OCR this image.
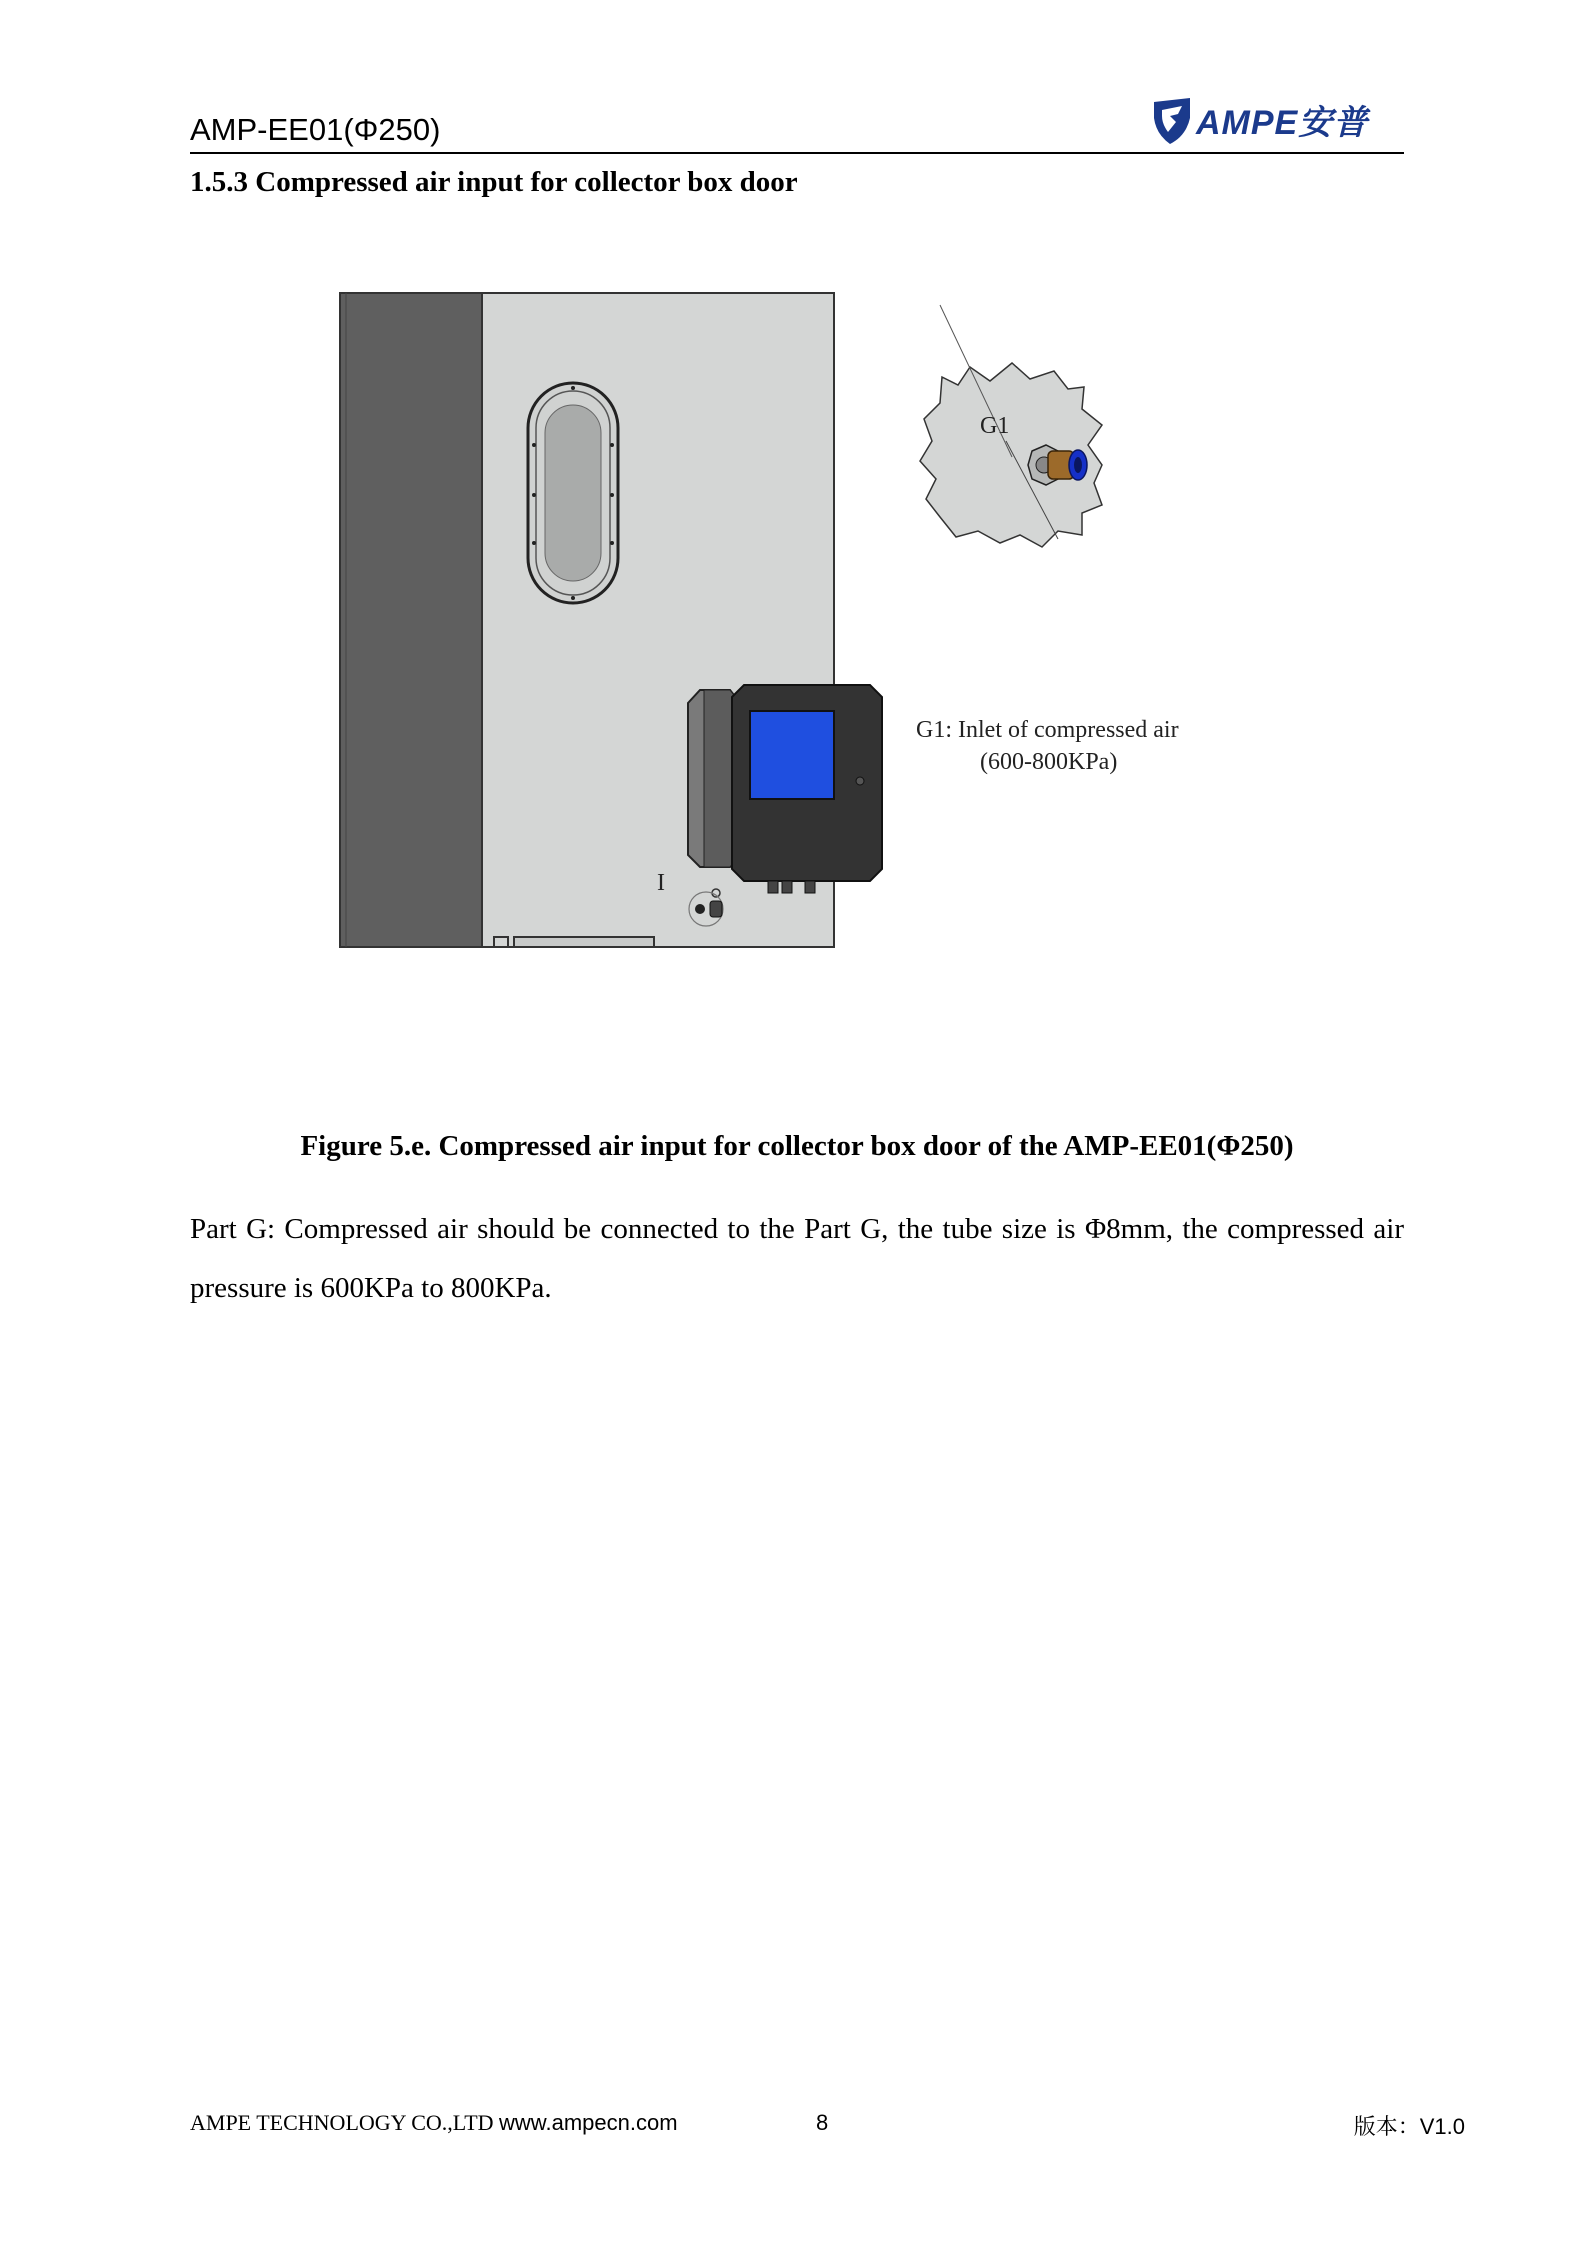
AMP-EE01(Φ250)	AMPE安普
1.5.3 Compressed air input for collector box door
I
G1
G1: Inlet of compressed air
(600-800KPa)
Figure 5.e. Compressed air input for collector box door of the AMP-EE01(Φ250)
Part G: Compressed air should be connected to the Part G, the tube size is Φ8mm, the compressed air pressure is 600KPa to 800KPa.
AMPE TECHNOLOGY CO.,LTD www.ampecn.com	8	版本：V1.0
